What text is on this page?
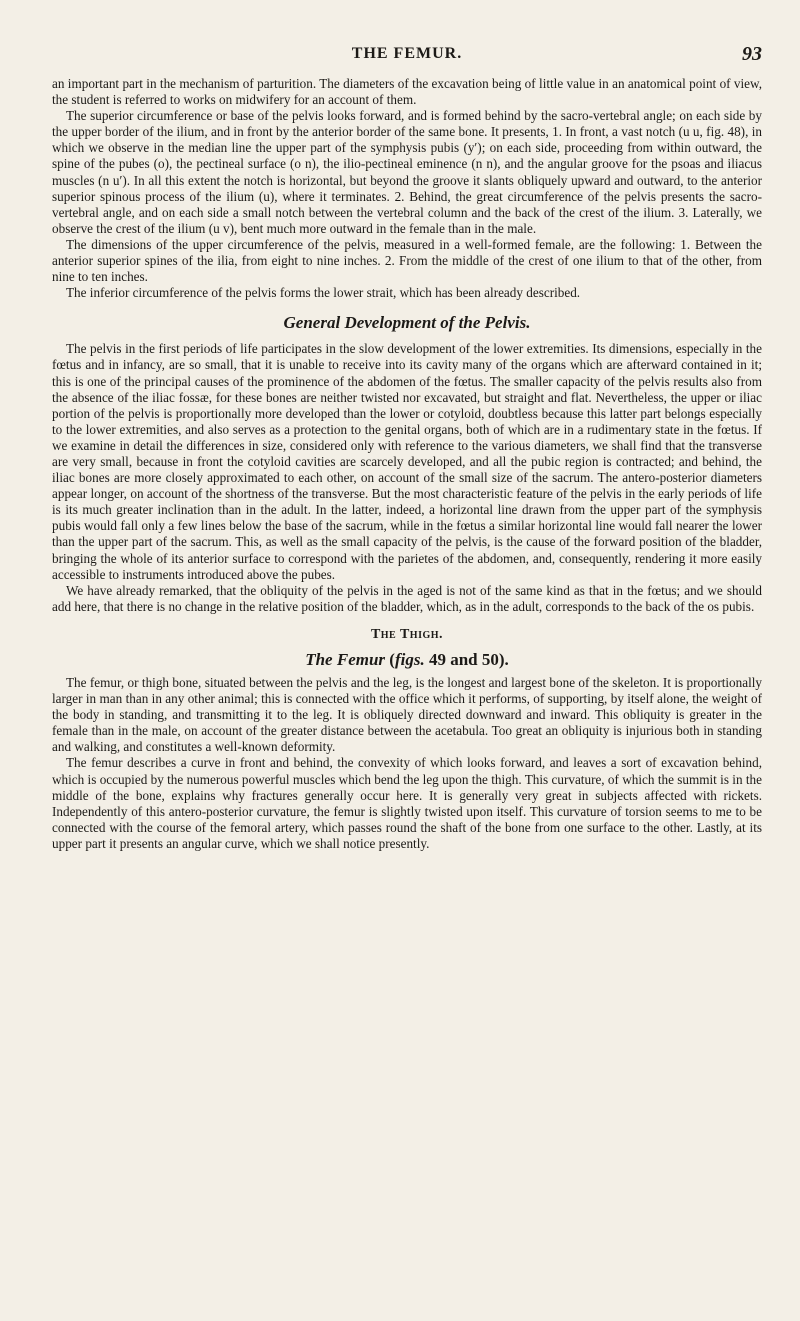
THE FEMUR.	93

an important part in the mechanism of parturition. The diameters of the excavation being of little value in an anatomical point of view, the student is referred to works on midwifery for an account of them.

The superior circumference or base of the pelvis looks forward, and is formed behind by the sacro-vertebral angle; on each side by the upper border of the ilium, and in front by the anterior border of the same bone. It presents, 1. In front, a vast notch (u u, fig. 48), in which we observe in the median line the upper part of the symphysis pubis (y′); on each side, proceeding from within outward, the spine of the pubes (o), the pectineal surface (o n), the ilio-pectineal eminence (n n), and the angular groove for the psoas and iliacus muscles (n u′). In all this extent the notch is horizontal, but beyond the groove it slants obliquely upward and outward, to the anterior superior spinous process of the ilium (u), where it terminates. 2. Behind, the great circumference of the pelvis presents the sacro-vertebral angle, and on each side a small notch between the vertebral column and the back of the crest of the ilium. 3. Laterally, we observe the crest of the ilium (u v), bent much more outward in the female than in the male.

The dimensions of the upper circumference of the pelvis, measured in a well-formed female, are the following: 1. Between the anterior superior spines of the ilia, from eight to nine inches. 2. From the middle of the crest of one ilium to that of the other, from nine to ten inches.

The inferior circumference of the pelvis forms the lower strait, which has been already described.

General Development of the Pelvis.

The pelvis in the first periods of life participates in the slow development of the lower extremities. Its dimensions, especially in the fœtus and in infancy, are so small, that it is unable to receive into its cavity many of the organs which are afterward contained in it; this is one of the principal causes of the prominence of the abdomen of the fœtus. The smaller capacity of the pelvis results also from the absence of the iliac fossæ, for these bones are neither twisted nor excavated, but straight and flat. Nevertheless, the upper or iliac portion of the pelvis is proportionally more developed than the lower or cotyloid, doubtless because this latter part belongs especially to the lower extremities, and also serves as a protection to the genital organs, both of which are in a rudimentary state in the fœtus. If we examine in detail the differences in size, considered only with reference to the various diameters, we shall find that the transverse are very small, because in front the cotyloid cavities are scarcely developed, and all the pubic region is contracted; and behind, the iliac bones are more closely approximated to each other, on account of the small size of the sacrum. The antero-posterior diameters appear longer, on account of the shortness of the transverse. But the most characteristic feature of the pelvis in the early periods of life is its much greater inclination than in the adult. In the latter, indeed, a horizontal line drawn from the upper part of the symphysis pubis would fall only a few lines below the base of the sacrum, while in the fœtus a similar horizontal line would fall nearer the lower than the upper part of the sacrum. This, as well as the small capacity of the pelvis, is the cause of the forward position of the bladder, bringing the whole of its anterior surface to correspond with the parietes of the abdomen, and, consequently, rendering it more easily accessible to instruments introduced above the pubes.

We have already remarked, that the obliquity of the pelvis in the aged is not of the same kind as that in the fœtus; and we should add here, that there is no change in the relative position of the bladder, which, as in the adult, corresponds to the back of the os pubis.

The Thigh.
The Femur (figs. 49 and 50).

The femur, or thigh bone, situated between the pelvis and the leg, is the longest and largest bone of the skeleton. It is proportionally larger in man than in any other animal; this is connected with the office which it performs, of supporting, by itself alone, the weight of the body in standing, and transmitting it to the leg. It is obliquely directed downward and inward. This obliquity is greater in the female than in the male, on account of the greater distance between the acetabula. Too great an obliquity is injurious both in standing and walking, and constitutes a well-known deformity.

The femur describes a curve in front and behind, the convexity of which looks forward, and leaves a sort of excavation behind, which is occupied by the numerous powerful muscles which bend the leg upon the thigh. This curvature, of which the summit is in the middle of the bone, explains why fractures generally occur here. It is generally very great in subjects affected with rickets. Independently of this antero-posterior curvature, the femur is slightly twisted upon itself. This curvature of torsion seems to me to be connected with the course of the femoral artery, which passes round the shaft of the bone from one surface to the other. Lastly, at its upper part it presents an angular curve, which we shall notice presently.
